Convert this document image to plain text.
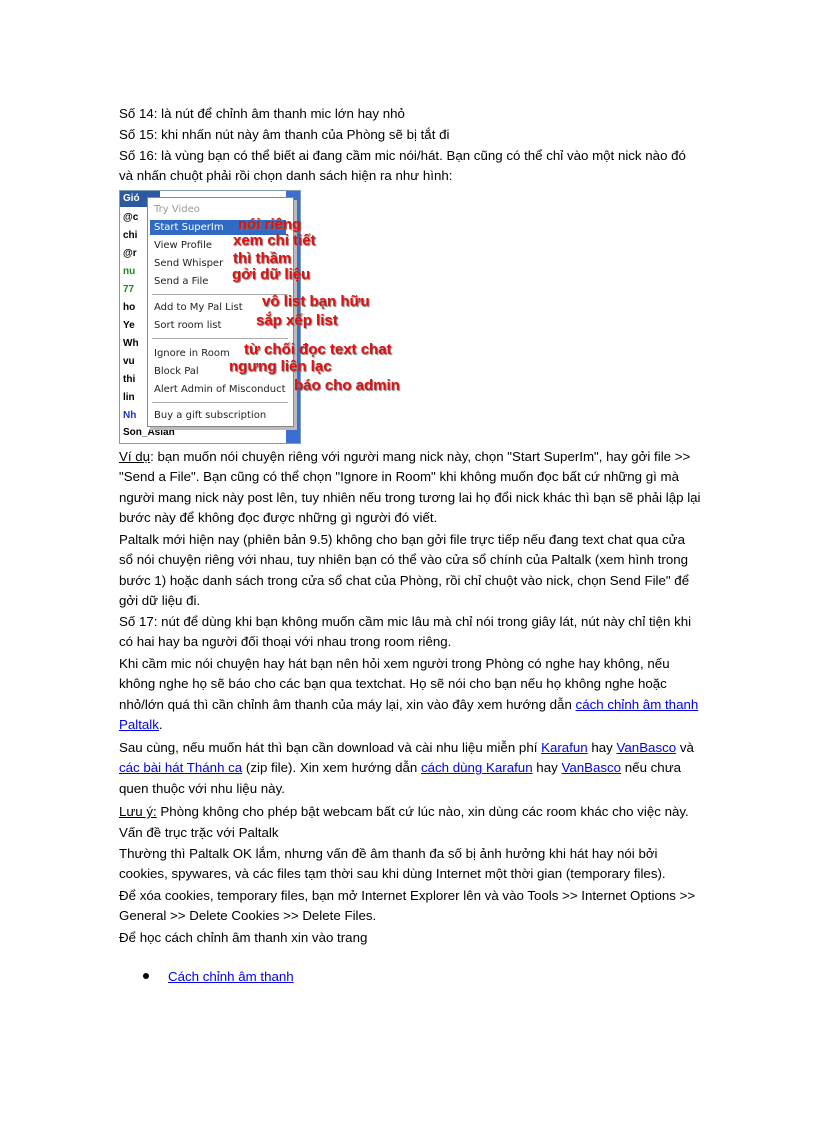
Số 14: là nút để chỉnh âm thanh mic lớn hay nhỏ
Số 15: khi nhấn nút này âm thanh của Phòng sẽ bị tắt đi
Số 16: là vùng bạn có thể biết ai đang cầm mic nói/hát. Bạn cũng có thể chỉ vào một nick nào đó và nhấn chuột phải rồi chọn danh sách hiện ra như hình:
Gió
@c
chi
@r
nu
77
ho
Ye
Wh
vu
thi
lin
Nh
Son_Asian
Try Video
Start SuperIm
View Profile
Send Whisper
Send a File
Add to My Pal List
Sort room list
Ignore in Room
Block Pal
Alert Admin of Misconduct
Buy a gift subscription
nói riêng
xem chi tiết
thì thầm
gởi dữ liệu
vô list bạn hữu
sắp xếp list
từ chối đọc text chat
ngưng liên lạc
báo cho admin
Ví dụ: bạn muốn nói chuyện riêng với người mang nick này, chọn "Start SuperIm", hay gởi file >> "Send a File". Bạn cũng có thể chọn "Ignore in Room" khi không muốn đọc bất cứ những gì mà người mang nick này post lên, tuy nhiên nếu trong tương lai họ đổi nick khác thì bạn sẽ phải lập lại bước này để không đọc được những gì người đó viết.
Paltalk mới hiện nay (phiên bản 9.5) không cho bạn gởi file trực tiếp nếu đang text chat qua cửa sổ nói chuyện riêng với nhau, tuy nhiên bạn có thể vào cửa sổ chính của Paltalk (xem hình trong bước 1) hoặc danh sách trong cửa sổ chat của Phòng, rồi chỉ chuột vào nick, chọn Send File" để gởi dữ liệu đi.
Số 17: nút để dùng khi bạn không muốn cầm mic lâu mà chỉ nói trong giây lát, nút này chỉ tiện khi có hai hay ba người đối thoại với nhau trong room riêng.
Khi cầm mic nói chuyện hay hát bạn nên hỏi xem người trong Phòng có nghe hay không, nếu không nghe họ sẽ báo cho các bạn qua textchat. Họ sẽ nói cho bạn nếu họ không nghe hoặc nhỏ/lớn quá thì cần chỉnh âm thanh của máy lại, xin vào đây xem hướng dẫn cách chỉnh âm thanh Paltalk.
Sau cùng, nếu muốn hát thì bạn cần download và cài nhu liệu miễn phí Karafun hay VanBasco và các bài hát Thánh ca (zip file). Xin xem hướng dẫn cách dùng Karafun hay VanBasco nếu chưa quen thuộc với nhu liệu này.
Lưu ý: Phòng không cho phép bật webcam bất cứ lúc nào, xin dùng các room khác cho việc này.
Vấn đề trục trặc với Paltalk
Thường thì Paltalk OK lắm, nhưng vấn đề âm thanh đa số bị ảnh hưởng khi hát hay nói bởi cookies, spywares, và các files tạm thời sau khi dùng Internet một thời gian (temporary files).
Để xóa cookies, temporary files, bạn mở Internet Explorer lên và vào Tools >> Internet Options >> General >> Delete Cookies >> Delete Files.
Để học cách chỉnh âm thanh xin vào trang
Cách chỉnh âm thanh
